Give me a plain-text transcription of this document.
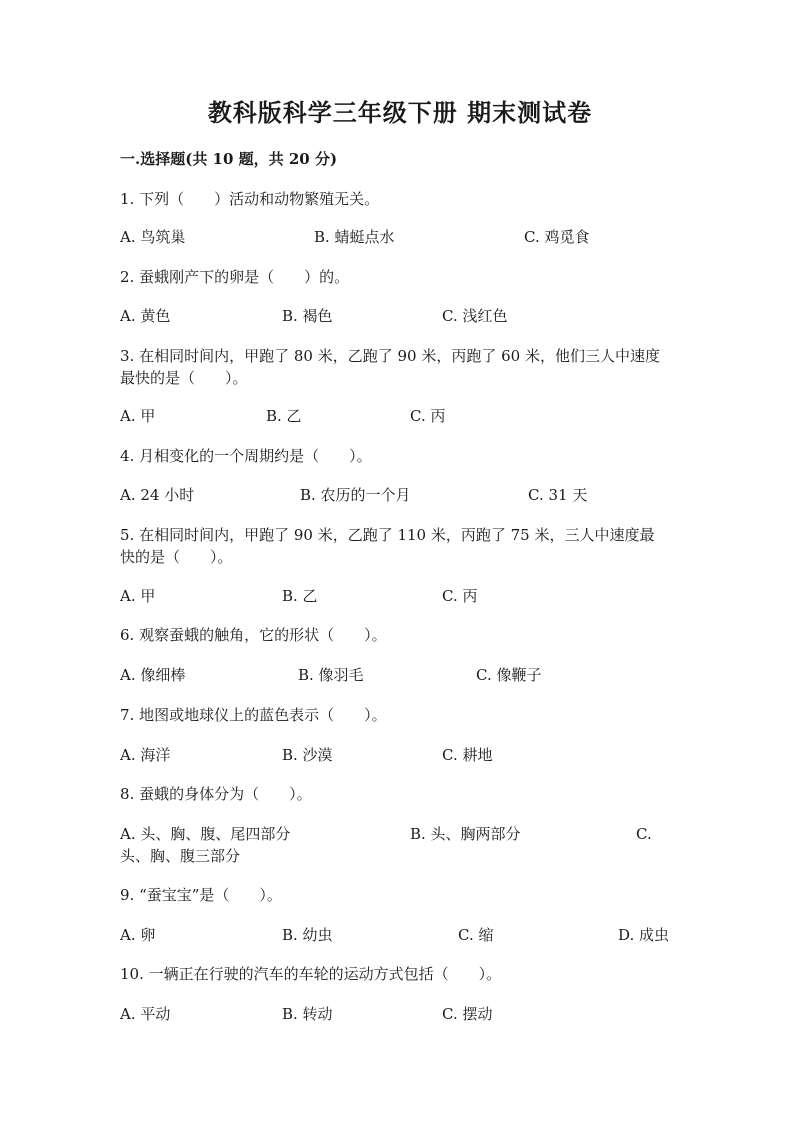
教科版科学三年级下册 期末测试卷
一.选择题(共 10 题，共 20 分)
1. 下列（　　）活动和动物繁殖无关。
A. 鸟筑巢	B. 蜻蜓点水	C. 鸡觅食
2. 蚕蛾刚产下的卵是（　　）的。
A. 黄色	B. 褐色	C. 浅红色
3. 在相同时间内，甲跑了 80 米，乙跑了 90 米，丙跑了 60 米，他们三人中速度
最快的是（　　）。
A. 甲	B. 乙	C. 丙
4. 月相变化的一个周期约是（　　）。
A. 24 小时	B. 农历的一个月	C. 31 天
5. 在相同时间内，甲跑了 90 米，乙跑了 110 米，丙跑了 75 米，三人中速度最
快的是（　　）。
A. 甲	B. 乙	C. 丙
6. 观察蚕蛾的触角，它的形状（　　）。
A. 像细棒	B. 像羽毛	C. 像鞭子
7. 地图或地球仪上的蓝色表示（　　）。
A. 海洋	B. 沙漠	C. 耕地
8. 蚕蛾的身体分为（　　）。
A. 头、胸、腹、尾四部分	B. 头、胸两部分	C.
头、胸、腹三部分
9. “蚕宝宝”是（　　）。
A. 卵	B. 幼虫	C. 缩	D. 成虫
10. 一辆正在行驶的汽车的车轮的运动方式包括（　　）。
A. 平动	B. 转动	C. 摆动
